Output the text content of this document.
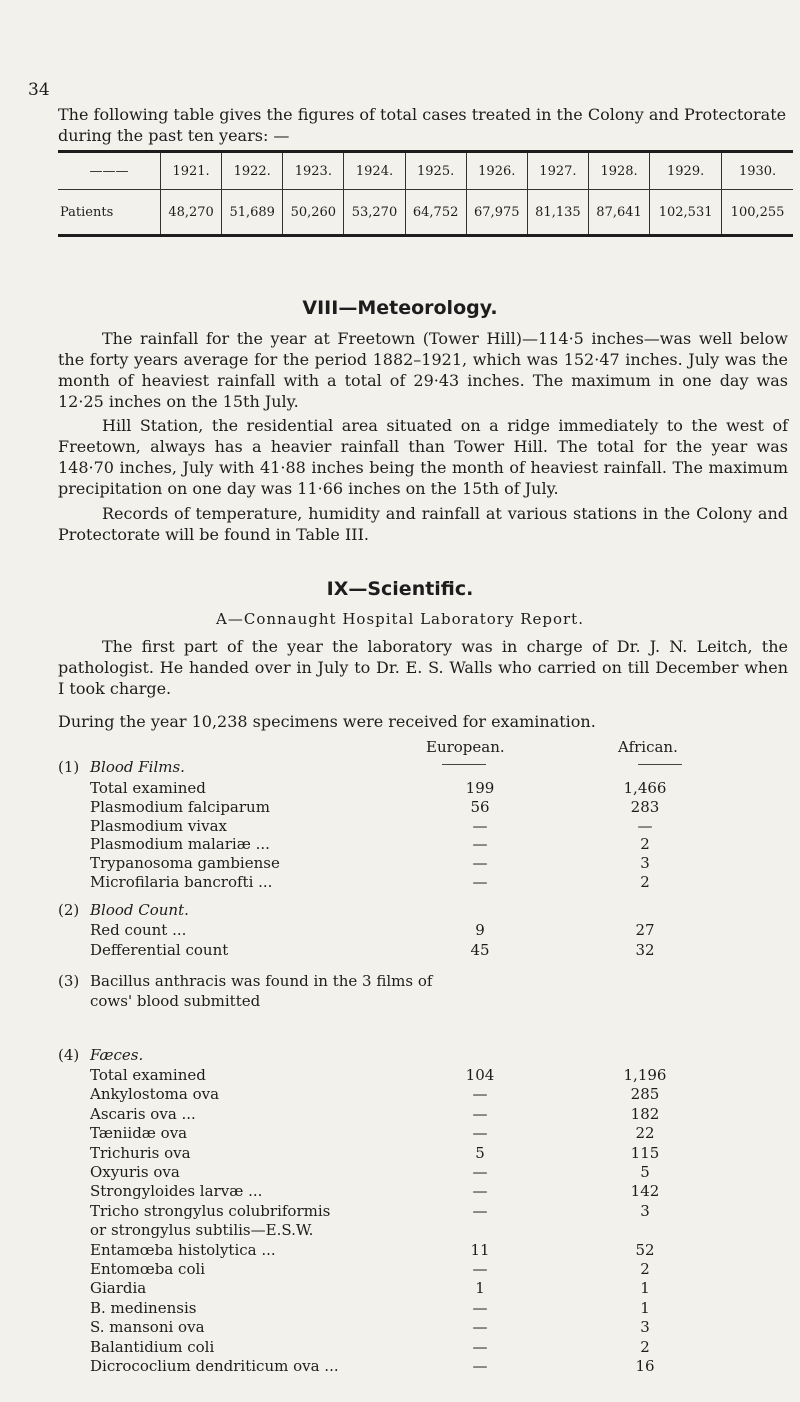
34
The following table gives the figures of total cases treated in the Colony and Protectorate during the past ten years: —
———	1921.	1922.	1923.	1924.	1925.	1926.	1927.	1928.	1929.	1930.
Patients	48,270	51,689	50,260	53,270	64,752	67,975	81,135	87,641	102,531	100,255
VIII—Meteorology.
The rainfall for the year at Freetown (Tower Hill)—114·5 inches—was well below the forty years average for the period 1882–1921, which was 152·47 inches. July was the month of heaviest rainfall with a total of 29·43 inches. The maximum in one day was 12·25 inches on the 15th July.
Hill Station, the residential area situated on a ridge immediately to the west of Freetown, always has a heavier rainfall than Tower Hill. The total for the year was 148·70 inches, July with 41·88 inches being the month of heaviest rainfall. The maximum precipitation on one day was 11·66 inches on the 15th of July.
Records of temperature, humidity and rainfall at various stations in the Colony and Protectorate will be found in Table III.
IX—Scientific.
A—Connaught Hospital Laboratory Report.
The first part of the year the laboratory was in charge of Dr. J. N. Leitch, the pathologist. He handed over in July to Dr. E. S. Walls who carried on till December when I took charge.
During the year 10,238 specimens were received for examination.
European.	African.
(1) Blood Films.
Total examined	199	1,466
Plasmodium falciparum	56	283
Plasmodium vivax	—	—
Plasmodium malariæ ...	—	2
Trypanosoma gambiense	—	3
Microfilaria bancrofti ...	—	2
(2) Blood Count.
Red count ...	9	27
Defferential count	45	32
(3) Bacillus anthracis was found in the 3 films of
cows' blood submitted
(4) Fæces.
Total examined	104	1,196
Ankylostoma ova	—	285
Ascaris ova ...	—	182
Tæniidæ ova	—	22
Trichuris ova	5	115
Oxyuris ova	—	5
Strongyloides larvæ ...	—	142
Tricho strongylus colubriformis	—	3
or strongylus subtilis—E.S.W.
Entamœba histolytica ...	11	52
Entomœba coli	—	2
Giardia	1	1
B. medinensis	—	1
S. mansoni ova	—	3
Balantidium coli	—	2
Dicrococlium dendriticum ova ...	—	16
